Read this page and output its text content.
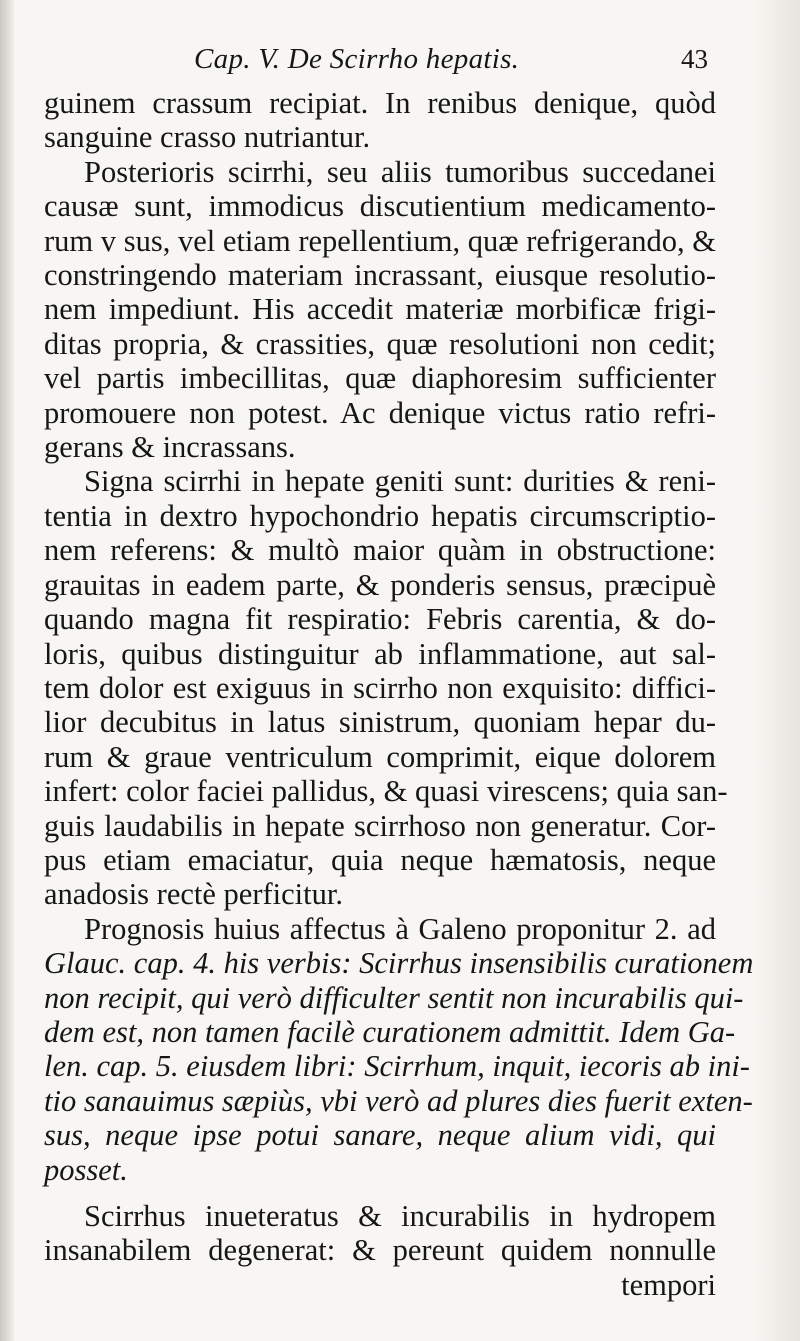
Cap. V. De Scirrho hepatis.	43
guinem crassum recipiat. In renibus denique, quòd
sanguine crasso nutriantur.
Posterioris scirrhi, seu aliis tumoribus succedanei
causæ sunt, immodicus discutientium medicamento-
rum v sus, vel etiam repellentium, quæ refrigerando, &
constringendo materiam incrassant, eiusque resolutio-
nem impediunt. His accedit materiæ morbificæ frigi-
ditas propria, & crassities, quæ resolutioni non cedit;
vel partis imbecillitas, quæ diaphoresim sufficienter
promouere non potest. Ac denique victus ratio refri-
gerans & incrassans.
Signa scirrhi in hepate geniti sunt: durities & reni-
tentia in dextro hypochondrio hepatis circumscriptio-
nem referens: & multò maior quàm in obstructione:
grauitas in eadem parte, & ponderis sensus, præcipuè
quando magna fit respiratio: Febris carentia, & do-
loris, quibus distinguitur ab inflammatione, aut sal-
tem dolor est exiguus in scirrho non exquisito: diffici-
lior decubitus in latus sinistrum, quoniam hepar du-
rum & graue ventriculum comprimit, eique dolorem
infert: color faciei pallidus, & quasi virescens; quia san-
guis laudabilis in hepate scirrhoso non generatur. Cor-
pus etiam emaciatur, quia neque hæmatosis, neque
anadosis rectè perficitur.
Prognosis huius affectus à Galeno proponitur 2. ad
Glauc. cap. 4. his verbis: Scirrhus insensibilis curationem
non recipit, qui verò difficulter sentit non incurabilis qui-
dem est, non tamen facilè curationem admittit. Idem Ga-
len. cap. 5. eiusdem libri: Scirrhum, inquit, iecoris ab ini-
tio sanauimus sæpiùs, vbi verò ad plures dies fuerit exten-
sus, neque ipse potui sanare, neque alium vidi, qui
posset.
Scirrhus inueteratus & incurabilis in hydropem
insanabilem degenerat: & pereunt quidem nonnulle
tempori
